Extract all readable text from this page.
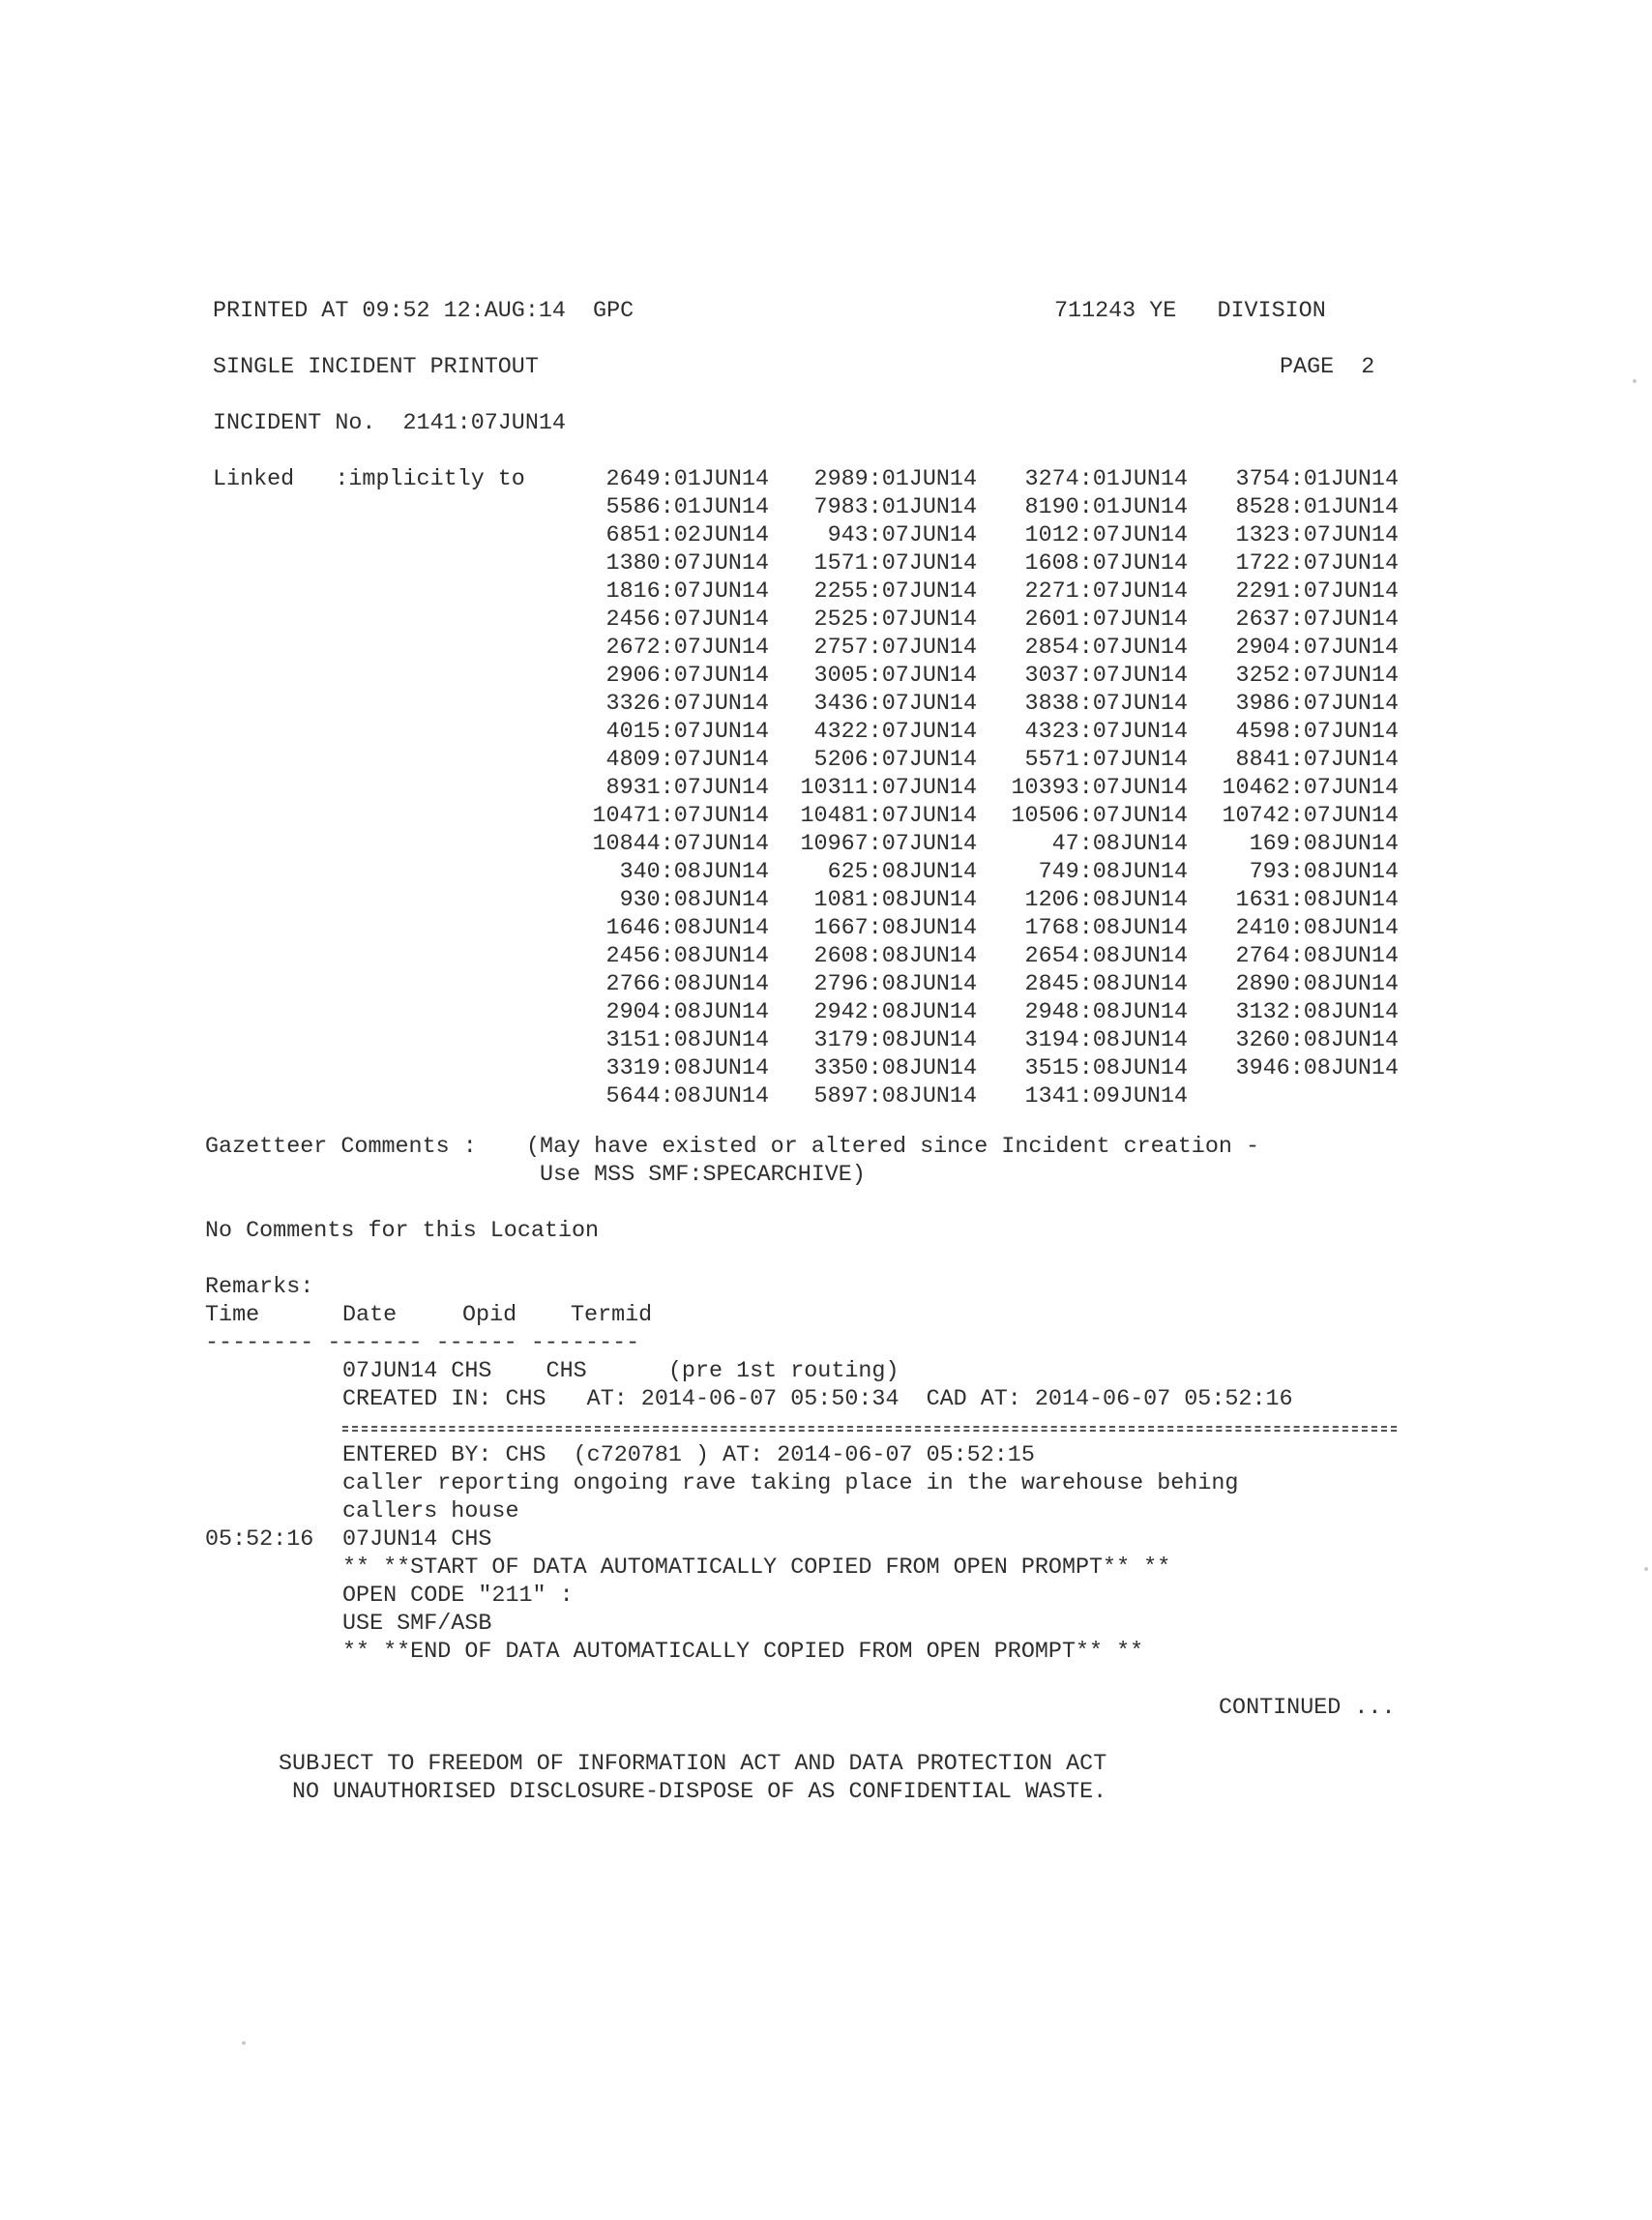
PRINTED AT 09:52 12:AUG:14  GPC	711243 YE   DIVISION
SINGLE INCIDENT PRINTOUT	PAGE  2
INCIDENT No.  2141:07JUN14
Linked   :implicitly to	2649:01JUN14	2989:01JUN14	3274:01JUN14	3754:01JUN14
5586:01JUN14	7983:01JUN14	8190:01JUN14	8528:01JUN14
6851:02JUN14	943:07JUN14	1012:07JUN14	1323:07JUN14
1380:07JUN14	1571:07JUN14	1608:07JUN14	1722:07JUN14
1816:07JUN14	2255:07JUN14	2271:07JUN14	2291:07JUN14
2456:07JUN14	2525:07JUN14	2601:07JUN14	2637:07JUN14
2672:07JUN14	2757:07JUN14	2854:07JUN14	2904:07JUN14
2906:07JUN14	3005:07JUN14	3037:07JUN14	3252:07JUN14
3326:07JUN14	3436:07JUN14	3838:07JUN14	3986:07JUN14
4015:07JUN14	4322:07JUN14	4323:07JUN14	4598:07JUN14
4809:07JUN14	5206:07JUN14	5571:07JUN14	8841:07JUN14
8931:07JUN14	10311:07JUN14	10393:07JUN14	10462:07JUN14
10471:07JUN14	10481:07JUN14	10506:07JUN14	10742:07JUN14
10844:07JUN14	10967:07JUN14	47:08JUN14	169:08JUN14
340:08JUN14	625:08JUN14	749:08JUN14	793:08JUN14
930:08JUN14	1081:08JUN14	1206:08JUN14	1631:08JUN14
1646:08JUN14	1667:08JUN14	1768:08JUN14	2410:08JUN14
2456:08JUN14	2608:08JUN14	2654:08JUN14	2764:08JUN14
2766:08JUN14	2796:08JUN14	2845:08JUN14	2890:08JUN14
2904:08JUN14	2942:08JUN14	2948:08JUN14	3132:08JUN14
3151:08JUN14	3179:08JUN14	3194:08JUN14	3260:08JUN14
3319:08JUN14	3350:08JUN14	3515:08JUN14	3946:08JUN14
5644:08JUN14	5897:08JUN14	1341:09JUN14
Gazetteer Comments : (May have existed or altered since Incident creation -
Use MSS SMF:SPECARCHIVE)
No Comments for this Location
Remarks:
Time	Date	Opid Termid
-------- ------- ------ --------
07JUN14 CHS    CHS      (pre 1st routing)
CREATED IN: CHS   AT: 2014-06-07 05:50:34  CAD AT: 2014-06-07 05:52:16
ENTERED BY: CHS  (c720781 ) AT: 2014-06-07 05:52:15
caller reporting ongoing rave taking place in the warehouse behing
callers house
05:52:16 07JUN14 CHS
** **START OF DATA AUTOMATICALLY COPIED FROM OPEN PROMPT** **
OPEN CODE "211" :
USE SMF/ASB
** **END OF DATA AUTOMATICALLY COPIED FROM OPEN PROMPT** **
CONTINUED ...
SUBJECT TO FREEDOM OF INFORMATION ACT AND DATA PROTECTION ACT
NO UNAUTHORISED DISCLOSURE-DISPOSE OF AS CONFIDENTIAL WASTE.
